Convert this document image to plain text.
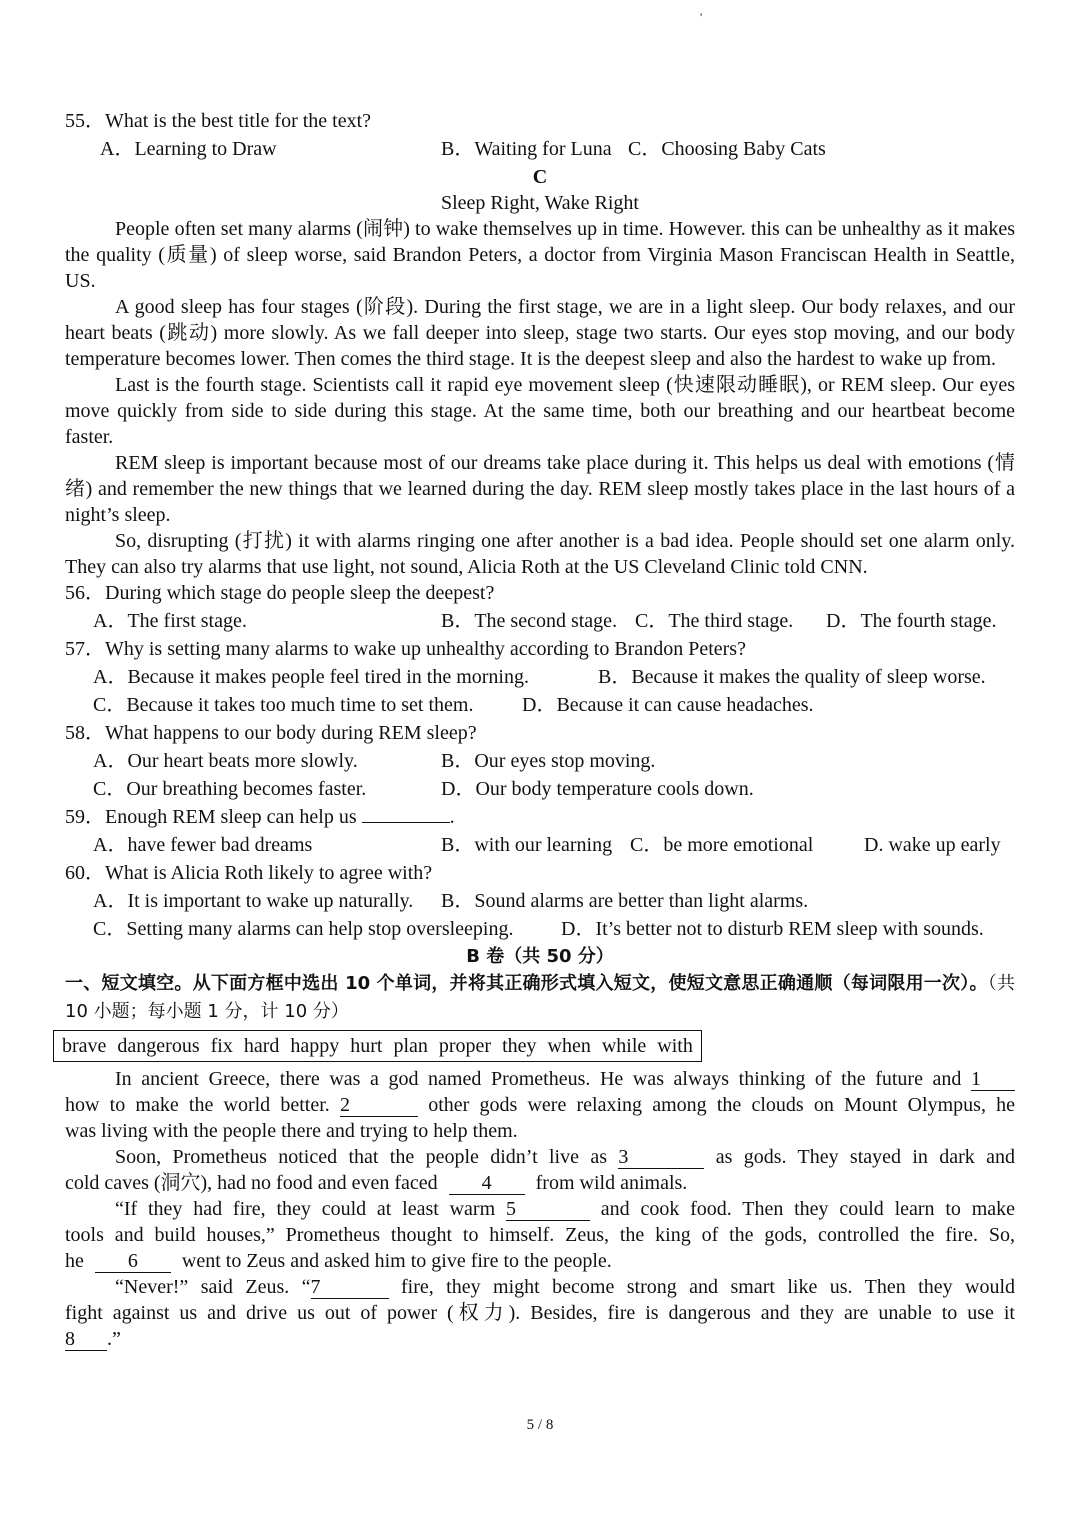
'
55．What is the best title for the text?
A．Learning to Draw	B．Waiting for Luna C．Choosing Baby Cats
C
Sleep Right, Wake Right

People often set many alarms (闹钟) to wake themselves up in time. However. this can be unhealthy as it makes the quality (质量) of sleep worse, said Brandon Peters, a doctor from Virginia Mason Franciscan Health in Seattle, US.

A good sleep has four stages (阶段). During the first stage, we are in a light sleep. Our body relaxes, and our heart beats (跳动) more slowly. As we fall deeper into sleep, stage two starts. Our eyes stop moving, and our body temperature becomes lower. Then comes the third stage. It is the deepest sleep and also the hardest to wake up from.

Last is the fourth stage. Scientists call it rapid eye movement sleep (快速限动睡眠), or REM sleep. Our eyes move quickly from side to side during this stage. At the same time, both our breathing and our heartbeat become faster.

REM sleep is important because most of our dreams take place during it. This helps us deal with emotions (情绪) and remember the new things that we learned during the day. REM sleep mostly takes place in the last hours of a night’s sleep.

So, disrupting (打扰) it with alarms ringing one after another is a bad idea. People should set one alarm only. They can also try alarms that use light, not sound, Alicia Roth at the US Cleveland Clinic told CNN.

56．During which stage do people sleep the deepest?
A．The first stage.	B．The second stage. C．The third stage. D．The fourth stage.
57．Why is setting many alarms to wake up unhealthy according to Brandon Peters?
A．Because it makes people feel tired in the morning.	B．Because it makes the quality of sleep worse.
C．Because it takes too much time to set them. D．Because it can cause headaches.
58．What happens to our body during REM sleep?
A．Our heart beats more slowly.	B．Our eyes stop moving.
C．Our breathing becomes faster.	D．Our body temperature cools down.
59．Enough REM sleep can help us	.
A．have fewer bad dreams	B．with our learning C．be more emotional	D. wake up early
60．What is Alicia Roth likely to agree with?
A．It is important to wake up naturally. B．Sound alarms are better than light alarms.
C．Setting many alarms can help stop oversleeping. D．It’s better not to disturb REM sleep with sounds.
B 卷（共 50 分）
一、短文填空。从下面方框中选出 10 个单词，并将其正确形式填入短文，使短文意思正确通顺（每词限用一次）。（共 10 小题；每小题 1 分，计 10 分）
brave dangerous fix hard happy hurt plan proper they when while with
In ancient Greece, there was a god named Prometheus. He was always thinking of the future and 1
how to make the world better. 2	other gods were relaxing among the clouds on Mount Olympus, he
was living with the people there and trying to help them.
Soon, Prometheus noticed that the people didn’t live as 3	as gods. They stayed in dark and
cold caves (洞穴), had no food and even faced 4 from wild animals.
“If they had fire, they could at least warm 5	and cook food. Then they could learn to make
tools and build houses,” Prometheus thought to himself. Zeus, the king of the gods, controlled the fire. So,
he 6 went to Zeus and asked him to give fire to the people.
“Never!” said Zeus. “7	fire, they might become strong and smart like us. Then they would
fight against us and drive us out of power (权力). Besides, fire is dangerous and they are unable to use it
8 .”
5 / 8
